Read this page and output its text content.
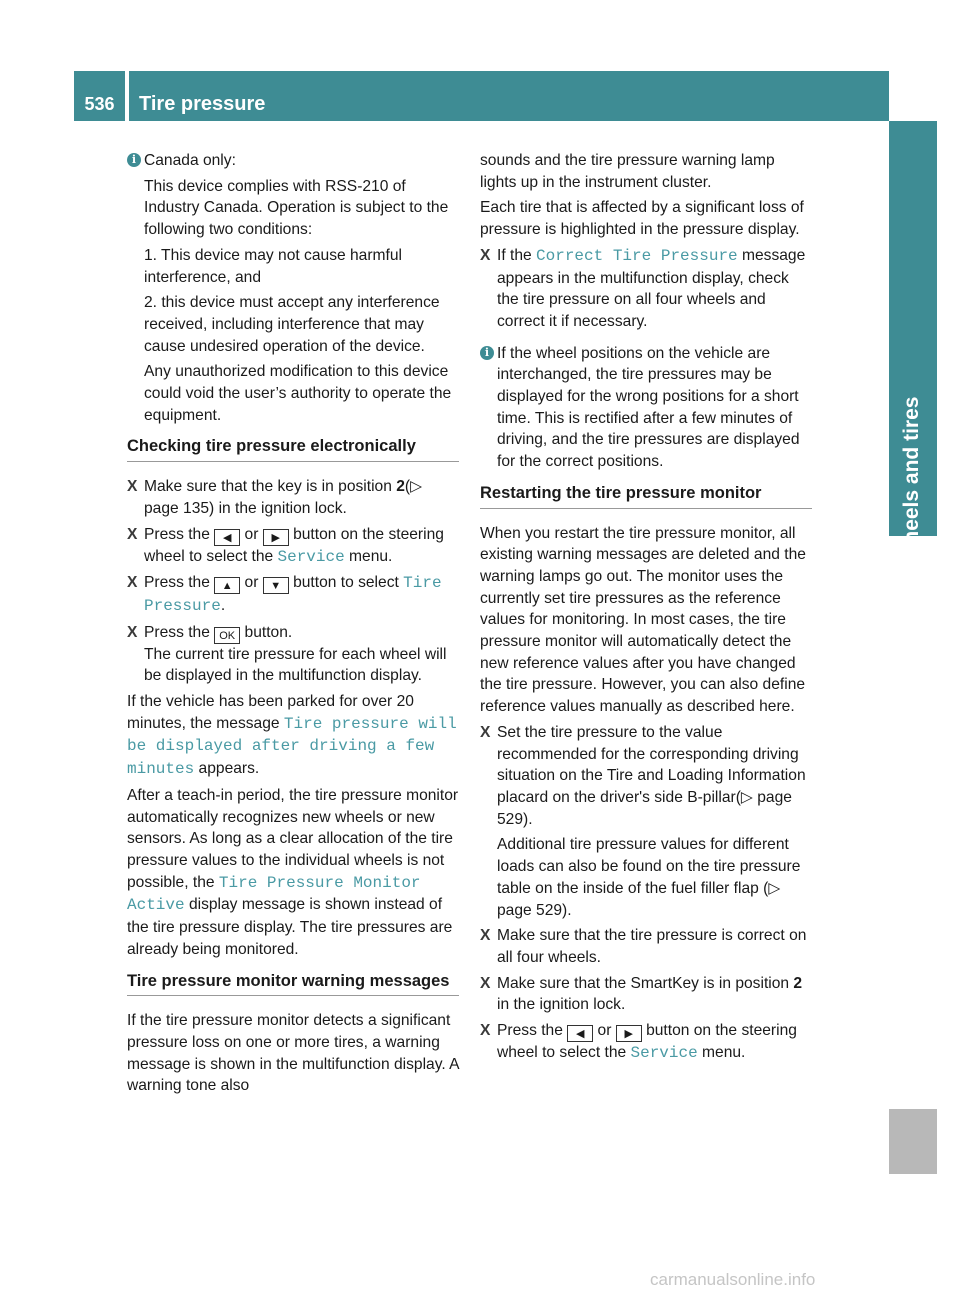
536	Tire pressure
Wheels and tires
i Canada only:

This device complies with RSS-210 of Industry Canada. Operation is subject to the following two conditions:

1. This device may not cause harmful interference, and

2. this device must accept any interference received, including interference that may cause undesired operation of the device.

Any unauthorized modification to this device could void the user’s authority to operate the equipment.

Checking tire pressure electronically
X Make sure that the key is in position 2(▷ page 135) in the ignition lock.
X Press the ◀ or ▶ button on the steering wheel to select the Service menu.
X Press the ▲ or ▼ button to select Tire Pressure.
X Press the OK button.
The current tire pressure for each wheel will be displayed in the multifunction display.

If the vehicle has been parked for over 20 minutes, the message Tire pressure will be displayed after driving a few minutes appears.

After a teach-in period, the tire pressure monitor automatically recognizes new wheels or new sensors. As long as a clear allocation of the tire pressure values to the individual wheels is not possible, the Tire Pressure Monitor Active display message is shown instead of the tire pressure display. The tire pressures are already being monitored.

Tire pressure monitor warning messages

If the tire pressure monitor detects a significant pressure loss on one or more tires, a warning message is shown in the multifunction display. A warning tone also

sounds and the tire pressure warning lamp lights up in the instrument cluster.

Each tire that is affected by a significant loss of pressure is highlighted in the pressure display.

X If the Correct Tire Pressure message appears in the multifunction display, check the tire pressure on all four wheels and correct it if necessary.
i If the wheel positions on the vehicle are interchanged, the tire pressures may be displayed for the wrong positions for a short time. This is rectified after a few minutes of driving, and the tire pressures are displayed for the correct positions.

Restarting the tire pressure monitor

When you restart the tire pressure monitor, all existing warning messages are deleted and the warning lamps go out. The monitor uses the currently set tire pressures as the reference values for monitoring. In most cases, the tire pressure monitor will automatically detect the new reference values after you have changed the tire pressure. However, you can also define reference values manually as described here.

X Set the tire pressure to the value recommended for the corresponding driving situation on the Tire and Loading Information placard on the driver's side B-pillar(▷ page 529).

Additional tire pressure values for different loads can also be found on the tire pressure table on the inside of the fuel filler flap (▷ page 529).

X Make sure that the tire pressure is correct on all four wheels.
X Make sure that the SmartKey is in position 2 in the ignition lock.
X Press the ◀ or ▶ button on the steering wheel to select the Service menu.
carmanualsonline.info
